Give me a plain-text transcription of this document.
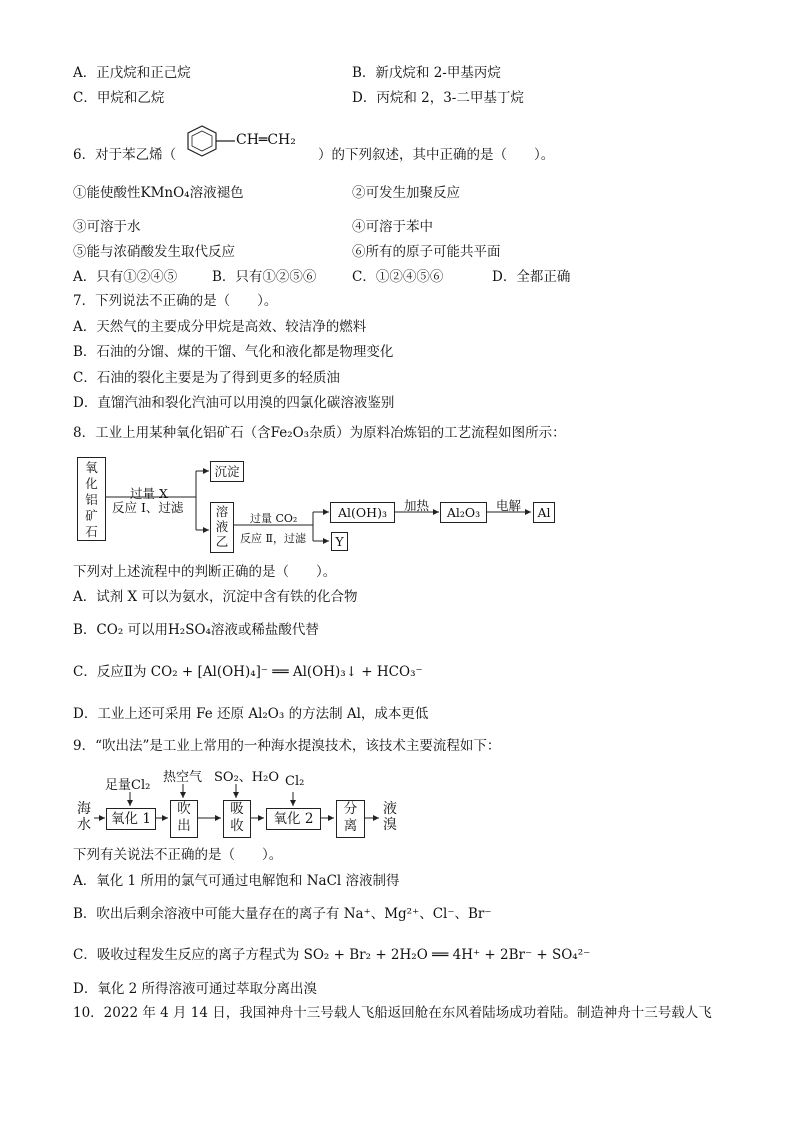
A．正戊烷和正己烷	B．新戊烷和 2-甲基丙烷
C．甲烷和乙烷	D．丙烷和 2，3-二甲基丁烷
6．对于苯乙烯（
CH═CH₂
）的下列叙述，其中正确的是（　　）。
①能使酸性KMnO₄溶液褪色	②可发生加聚反应
③可溶于水	④可溶于苯中
⑤能与浓硝酸发生取代反应	⑥所有的原子可能共平面
A．只有①②④⑤	B．只有①②⑤⑥	C．①②④⑤⑥	D．全都正确
7．下列说法不正确的是（　　）。
A．天然气的主要成分甲烷是高效、较洁净的燃料
B．石油的分馏、煤的干馏、气化和液化都是物理变化
C．石油的裂化主要是为了得到更多的轻质油
D．直馏汽油和裂化汽油可以用溴的四氯化碳溶液鉴别
8．工业上用某种氧化铝矿石（含Fe₂O₃杂质）为原料冶炼铝的工艺流程如图所示：
氧化铝矿石
过量 X
反应 Ⅰ、过滤
沉淀
溶液乙
过量 CO₂
反应 Ⅱ，过滤
Al(OH)₃
Y
加热	Al₂O₃	电解	Al
下列对上述流程中的判断正确的是（　　）。
A．试剂 X 可以为氨水，沉淀中含有铁的化合物
B．CO₂ 可以用H₂SO₄溶液或稀盐酸代替
C．反应Ⅱ为 CO₂ + [Al(OH)₄]⁻ ══ Al(OH)₃↓ + HCO₃⁻
D．工业上还可采用 Fe 还原 Al₂O₃ 的方法制 Al，成本更低
9．“吹出法”是工业上常用的一种海水提溴技术，该技术主要流程如下：
海水
足量Cl₂
氧化 1
热空气
吹出
SO₂、H₂O
吸收
Cl₂
氧化 2
分离
液溴
下列有关说法不正确的是（　　）。
A．氧化 1 所用的氯气可通过电解饱和 NaCl 溶液制得
B．吹出后剩余溶液中可能大量存在的离子有 Na⁺、Mg²⁺、Cl⁻、Br⁻
C．吸收过程发生反应的离子方程式为 SO₂ + Br₂ + 2H₂O ══ 4H⁺ + 2Br⁻ + SO₄²⁻
D．氧化 2 所得溶液可通过萃取分离出溴
10．2022 年 4 月 14 日，我国神舟十三号载人飞船返回舱在东风着陆场成功着陆。制造神舟十三号载人飞
